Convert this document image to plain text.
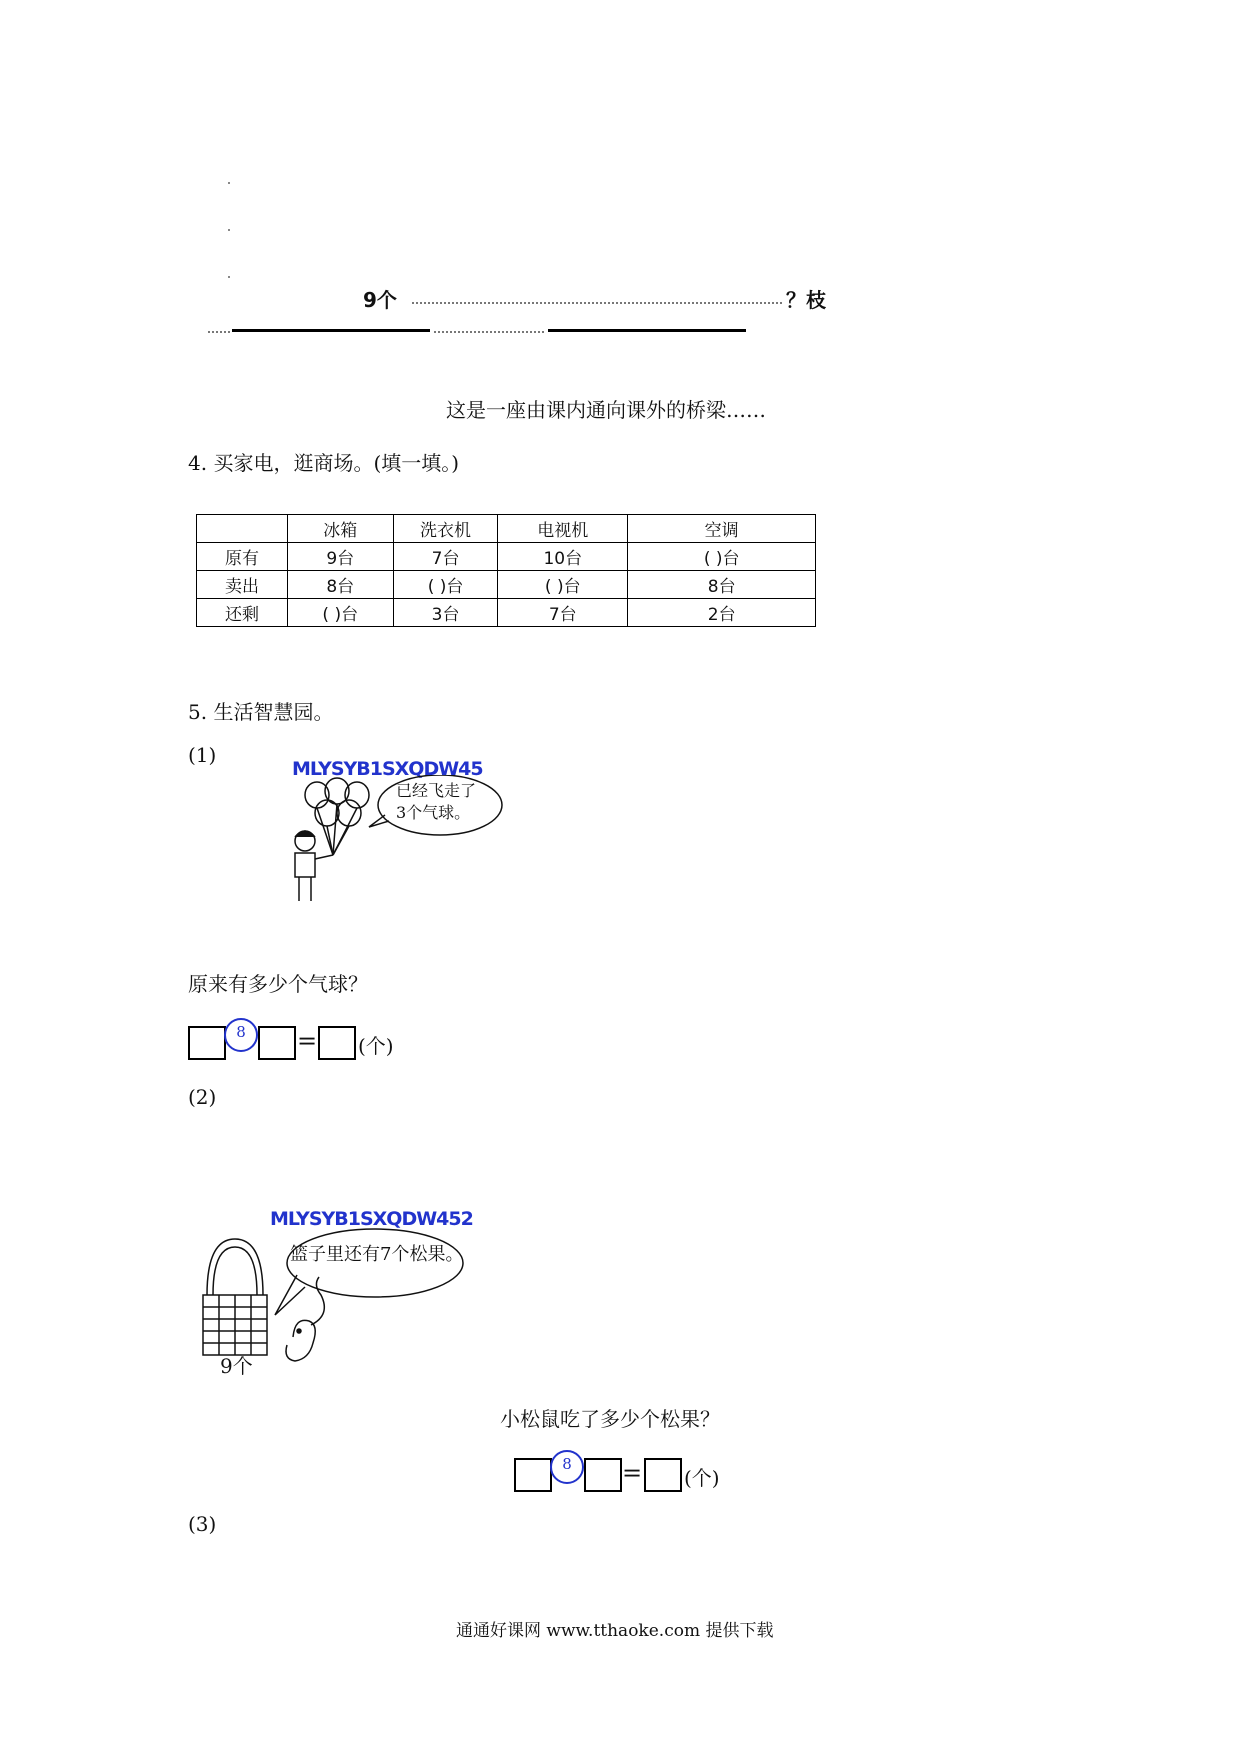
9个	？枝
这是一座由课内通向课外的桥梁……
4. 买家电，逛商场。(填一填。)
	冰箱	洗衣机	电视机	空调
原有	9台	7台	10台	( )台
卖出	8台	( )台	( )台	8台
还剩	( )台	3台	7台	2台
5. 生活智慧园。
(1)
MLYSYB1SXQDW45
已经飞走了
3个气球。
原来有多少个气球？
8	= (个)
(2)
MLYSYB1SXQDW452
篮子里还有7个松果。
9个
小松鼠吃了多少个松果？
8	= (个)
(3)
通通好课网 www.tthaoke.com 提供下载
